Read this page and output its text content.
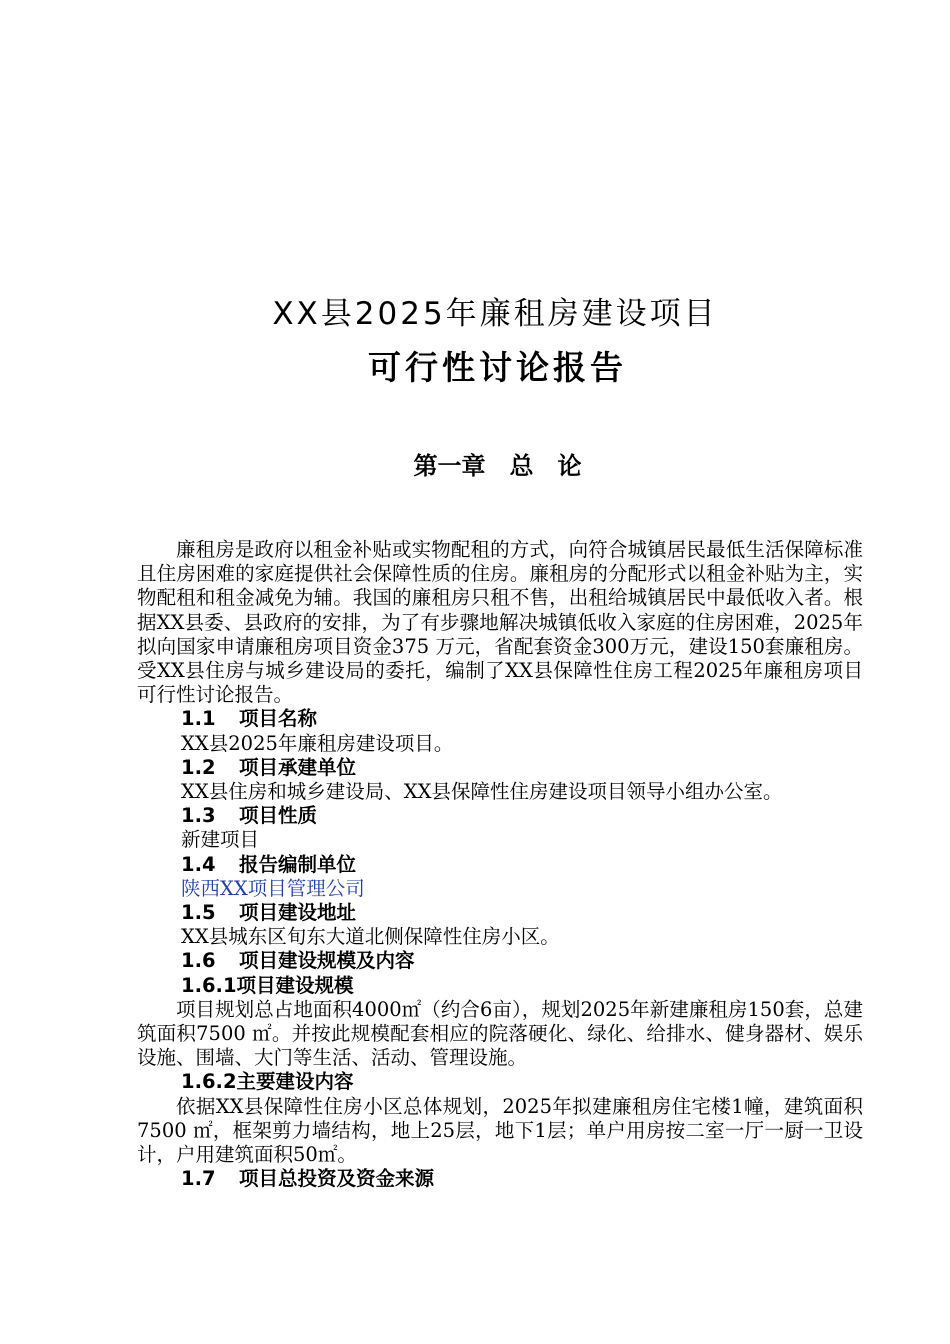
XX县2025年廉租房建设项目
可行性讨论报告
第一章　总　论

廉租房是政府以租金补贴或实物配租的方式，向符合城镇居民最低生活保障标准且住房困难的家庭提供社会保障性质的住房。廉租房的分配形式以租金补贴为主，实物配租和租金减免为辅。我国的廉租房只租不售，出租给城镇居民中最低收入者。根据XX县委、县政府的安排，为了有步骤地解决城镇低收入家庭的住房困难，2025年拟向国家申请廉租房项目资金375 万元，省配套资金300万元，建设150套廉租房。受XX县住房与城乡建设局的委托，编制了XX县保障性住房工程2025年廉租房项目可行性讨论报告。

1.1 项目名称

XX县2025年廉租房建设项目。

1.2 项目承建单位

XX县住房和城乡建设局、XX县保障性住房建设项目领导小组办公室。

1.3 项目性质

新建项目

1.4 报告编制单位

陕西XX项目管理公司

1.5 项目建设地址

XX县城东区旬东大道北侧保障性住房小区。

1.6 项目建设规模及内容

1.6.1项目建设规模

项目规划总占地面积4000㎡（约合6亩），规划2025年新建廉租房150套，总建筑面积7500 ㎡。并按此规模配套相应的院落硬化、绿化、给排水、健身器材、娱乐设施、围墙、大门等生活、活动、管理设施。

1.6.2主要建设内容

依据XX县保障性住房小区总体规划，2025年拟建廉租房住宅楼1幢，建筑面积7500 ㎡，框架剪力墙结构，地上25层，地下1层；单户用房按二室一厅一厨一卫设计，户用建筑面积50㎡。

1.7 项目总投资及资金来源
